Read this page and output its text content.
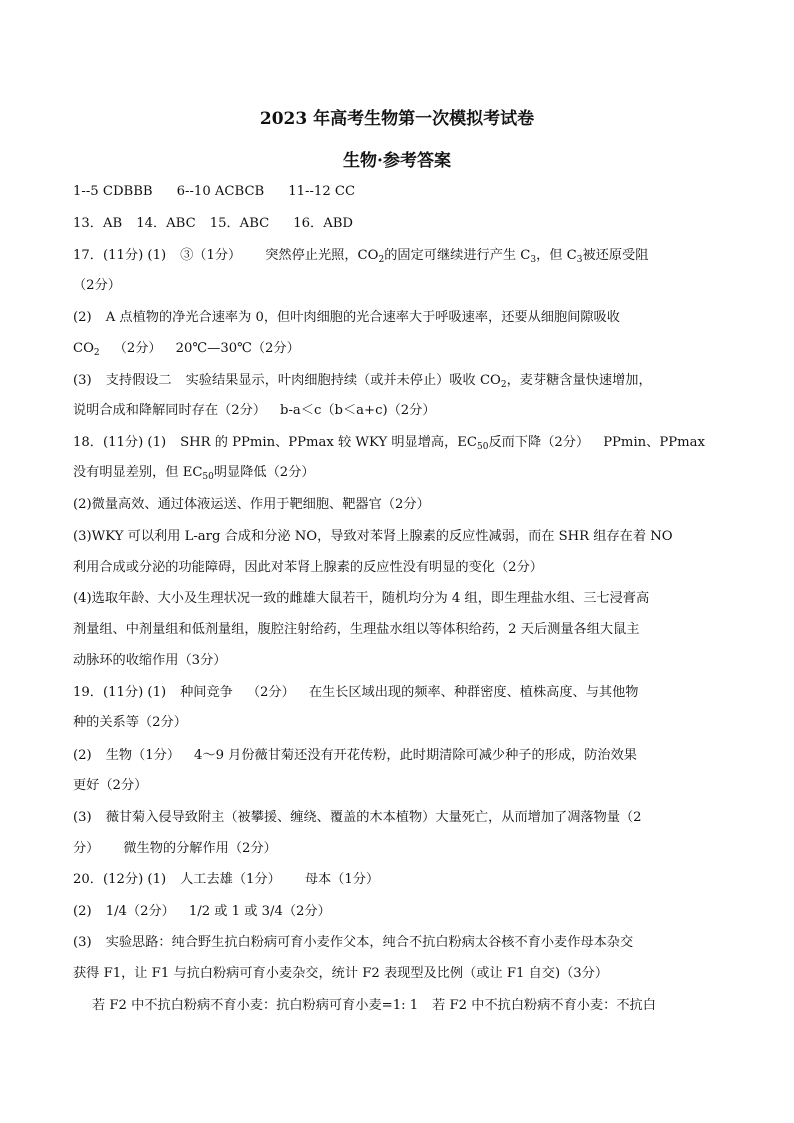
2023 年高考生物第一次模拟考试卷
生物·参考答案
1--5 CDBBB 6--10 ACBCB 11--12 CC
13．AB 14．ABC 15．ABC 16．ABD
17．(11分) (1) ③（1分） 突然停止光照，$CO_2$的固定可继续进行产生 $C_3$，但 $C_3$被还原受阻
（2分）
(2) A 点植物的净光合速率为 0，但叶肉细胞的光合速率大于呼吸速率，还要从细胞间隙吸收
$CO_2$ （2分） 20℃—30℃（2分）
(3) 支持假设二 实验结果显示，叶肉细胞持续（或并未停止）吸收 $CO_2$，麦芽糖含量快速增加，
说明合成和降解同时存在（2分） b-a＜c（b＜a+c)（2分）
18．(11分) (1) SHR 的 PPmin、PPmax 较 WKY 明显增高，$EC_{50}$反而下降（2分） PPmin、PPmax
没有明显差别，但 $EC_{50}$明显降低（2分）
(2)微量高效、通过体液运送、作用于靶细胞、靶器官（2分）
(3)WKY 可以利用 L-arg 合成和分泌 NO，导致对苯肾上腺素的反应性减弱，而在 SHR 组存在着 NO
利用合成或分泌的功能障碍，因此对苯肾上腺素的反应性没有明显的变化（2分）
(4)选取年龄、大小及生理状况一致的雌雄大鼠若干，随机均分为 4 组，即生理盐水组、三七浸膏高
剂量组、中剂量组和低剂量组，腹腔注射给药，生理盐水组以等体积给药，2 天后测量各组大鼠主
动脉环的收缩作用（3分）
19．(11分) (1) 种间竞争 （2分） 在生长区域出现的频率、种群密度、植株高度、与其他物
种的关系等（2分）
(2) 生物（1分） 4～9 月份薇甘菊还没有开花传粉，此时期清除可减少种子的形成，防治效果
更好（2分）
(3) 薇甘菊入侵导致附主（被攀援、缠绕、覆盖的木本植物）大量死亡，从而增加了凋落物量（2
分） 微生物的分解作用（2分）
20．(12分) (1) 人工去雄（1分） 母本（1分）
(2) 1/4（2分） 1/2 或 1 或 3/4（2分）
(3) 实验思路：纯合野生抗白粉病可育小麦作父本，纯合不抗白粉病太谷核不育小麦作母本杂交
获得 F1，让 F1 与抗白粉病可育小麦杂交，统计 F2 表现型及比例（或让 F1 自交)（3分）
若 F2 中不抗白粉病不育小麦：抗白粉病可育小麦=1: 1 若 F2 中不抗白粉病不育小麦：不抗白
